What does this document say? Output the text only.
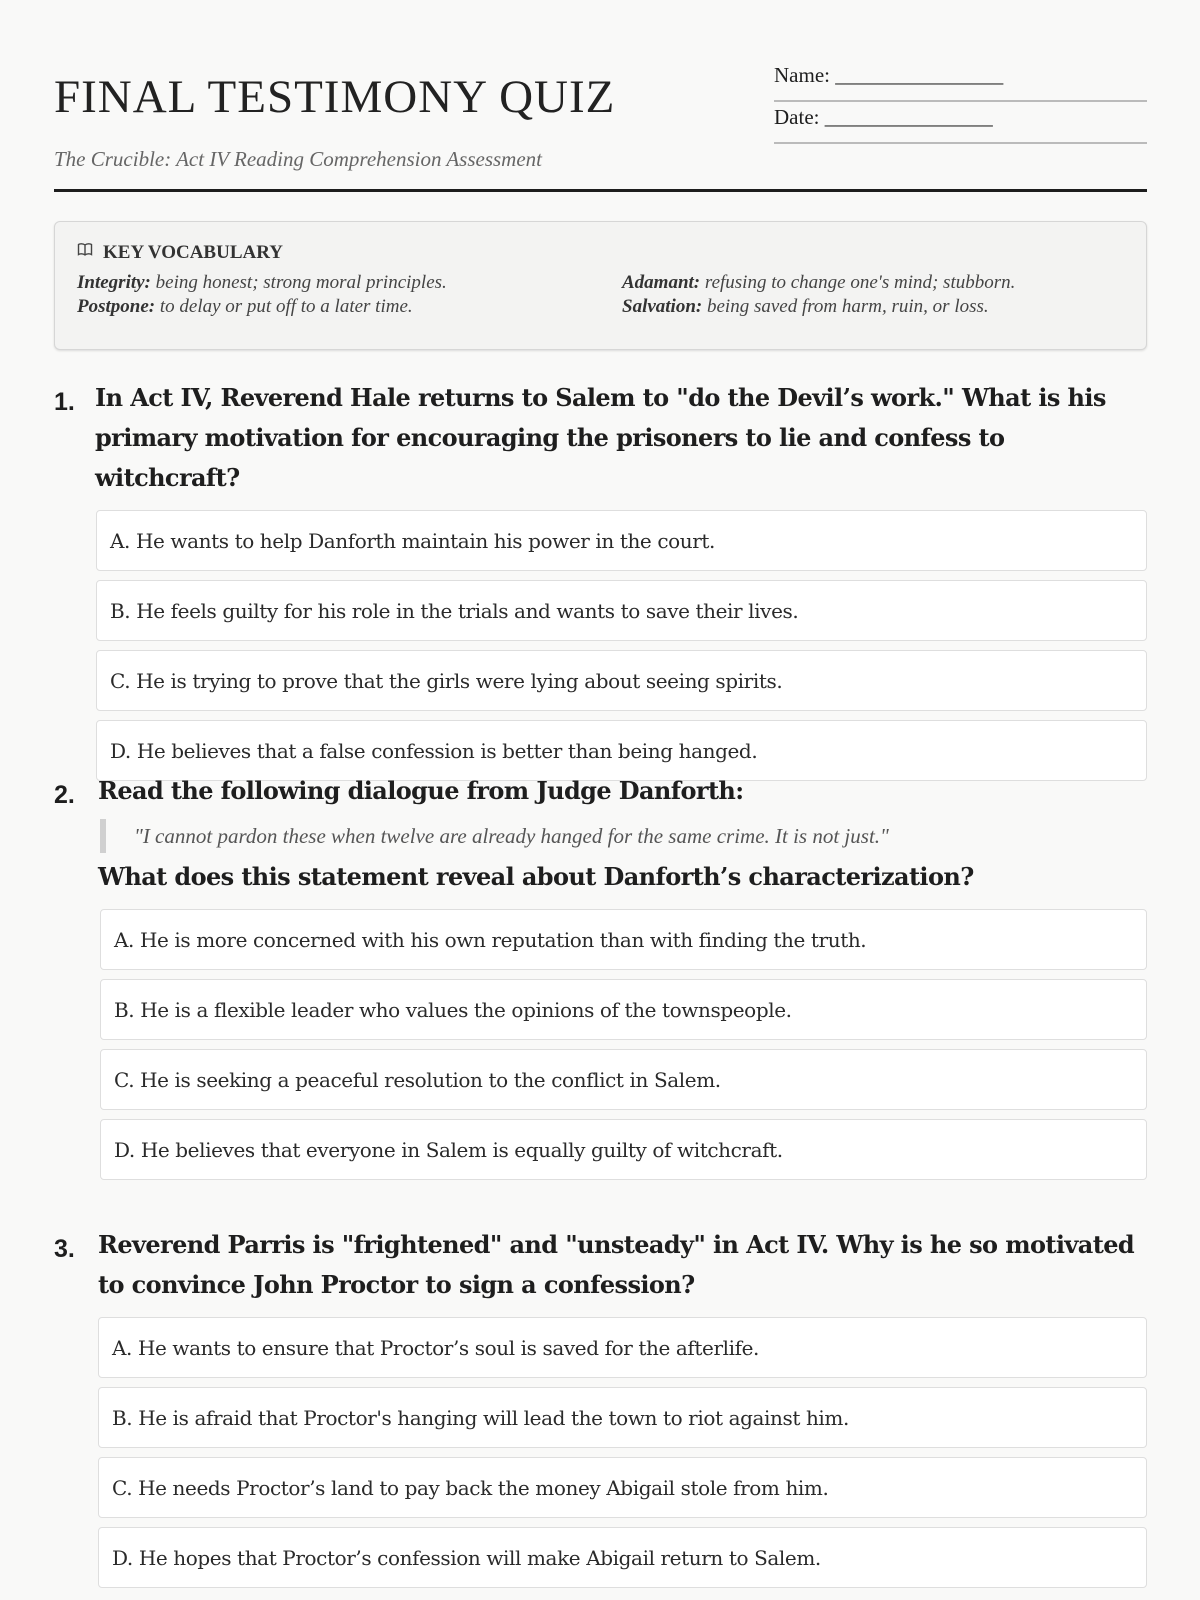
FINAL TESTIMONY QUIZ
The Crucible: Act IV Reading Comprehension Assessment
Name: ________________
Date: ________________
KEY VOCABULARY
Integrity: being honest; strong moral principles.	Adamant: refusing to change one's mind; stubborn.
Postpone: to delay or put off to a later time.	Salvation: being saved from harm, ruin, or loss.
1. In Act IV, Reverend Hale returns to Salem to "do the Devil’s work." What is his primary motivation for encouraging the prisoners to lie and confess to witchcraft?
A. He wants to help Danforth maintain his power in the court.
B. He feels guilty for his role in the trials and wants to save their lives.
C. He is trying to prove that the girls were lying about seeing spirits.
D. He believes that a false confession is better than being hanged.
2. Read the following dialogue from Judge Danforth:
"I cannot pardon these when twelve are already hanged for the same crime. It is not just."
What does this statement reveal about Danforth’s characterization?
A. He is more concerned with his own reputation than with finding the truth.
B. He is a flexible leader who values the opinions of the townspeople.
C. He is seeking a peaceful resolution to the conflict in Salem.
D. He believes that everyone in Salem is equally guilty of witchcraft.
3. Reverend Parris is "frightened" and "unsteady" in Act IV. Why is he so motivated to convince John Proctor to sign a confession?
A. He wants to ensure that Proctor’s soul is saved for the afterlife.
B. He is afraid that Proctor's hanging will lead the town to riot against him.
C. He needs Proctor’s land to pay back the money Abigail stole from him.
D. He hopes that Proctor’s confession will make Abigail return to Salem.
